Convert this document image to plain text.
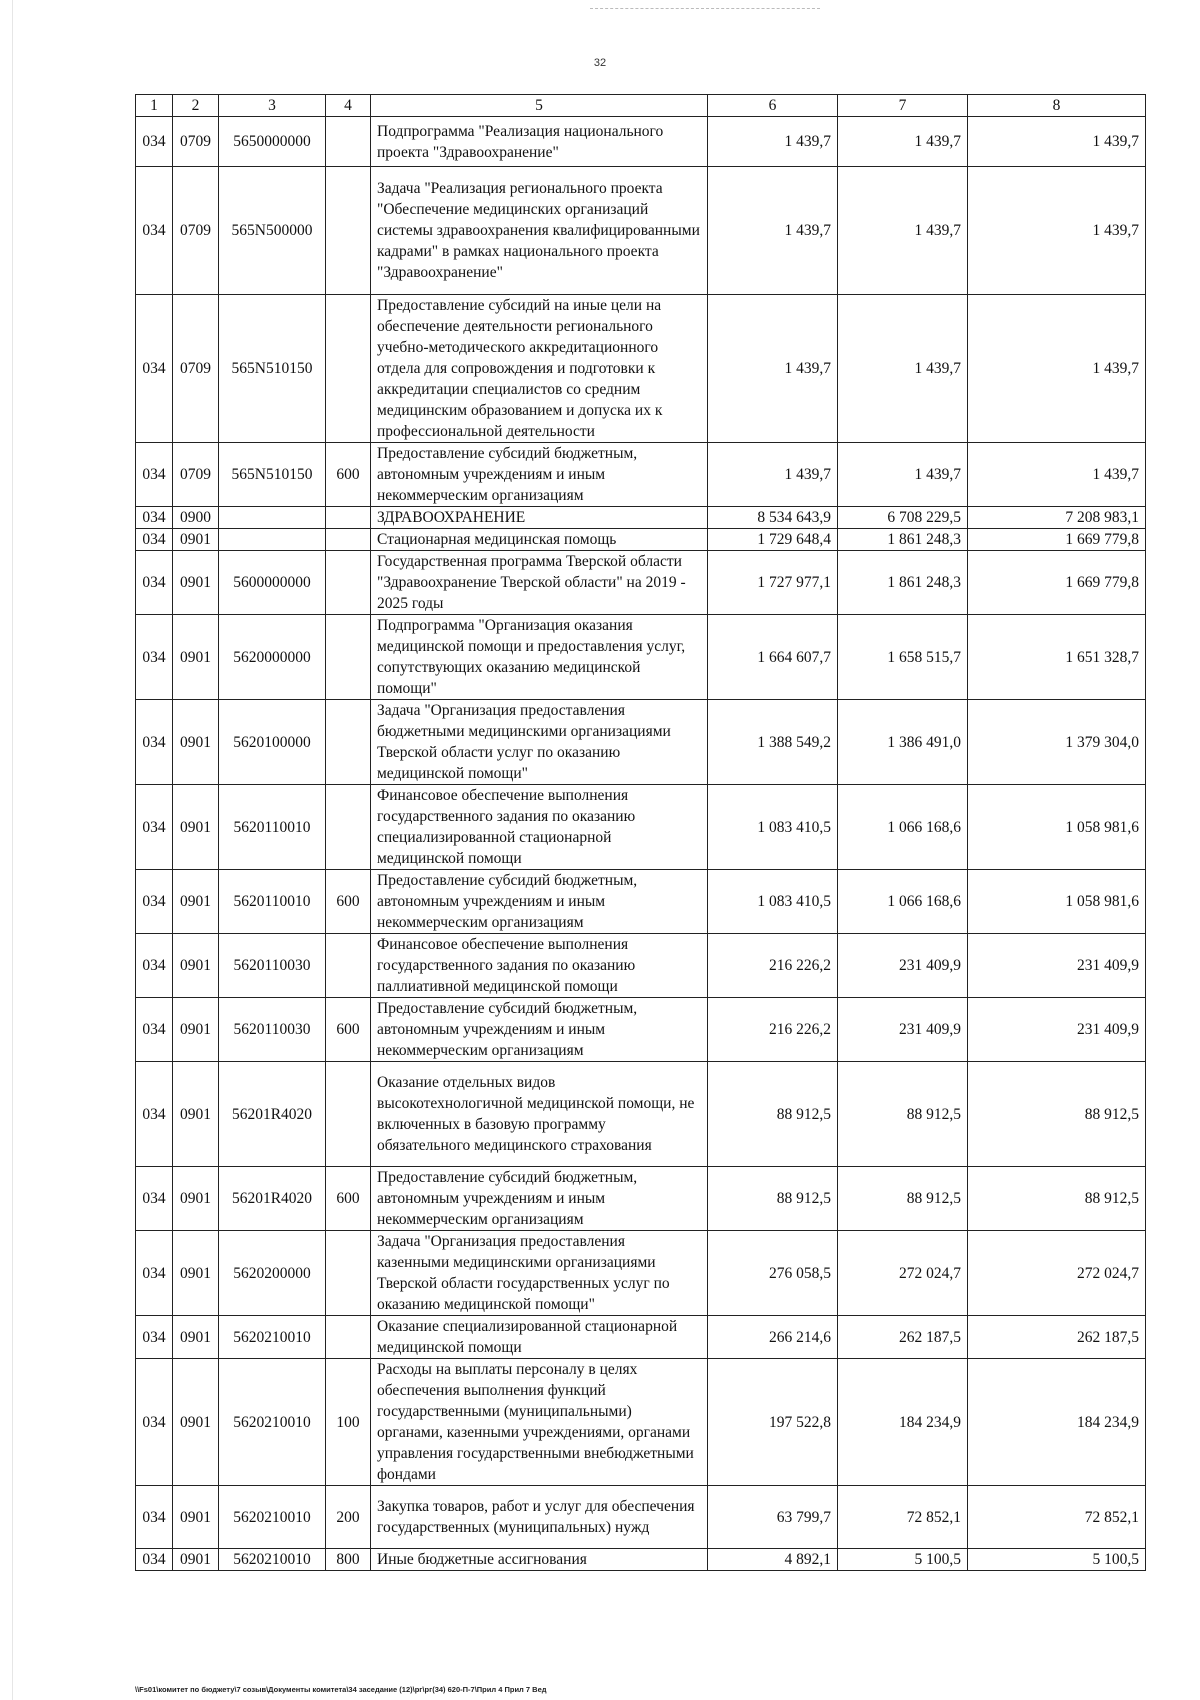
32
1	2	3	4	5	6	7	8
034	0709	5650000000		Подпрограмма "Реализация национального проекта "Здравоохранение"	1 439,7	1 439,7	1 439,7
034	0709	565N500000		Задача "Реализация регионального проекта "Обеспечение медицинских организаций системы здравоохранения квалифицированными кадрами" в рамках национального проекта "Здравоохранение"	1 439,7	1 439,7	1 439,7
034	0709	565N510150		Предоставление субсидий на иные цели на обеспечение деятельности регионального учебно-методического аккредитационного отдела для сопровождения и подготовки к аккредитации специалистов со средним медицинским образованием и допуска их к профессиональной деятельности	1 439,7	1 439,7	1 439,7
034	0709	565N510150	600	Предоставление субсидий бюджетным, автономным учреждениям и иным некоммерческим организациям	1 439,7	1 439,7	1 439,7
034	0900			ЗДРАВООХРАНЕНИЕ	8 534 643,9	6 708 229,5	7 208 983,1
034	0901			Стационарная медицинская помощь	1 729 648,4	1 861 248,3	1 669 779,8
034	0901	5600000000		Государственная программа Тверской области "Здравоохранение Тверской области" на 2019 - 2025 годы	1 727 977,1	1 861 248,3	1 669 779,8
034	0901	5620000000		Подпрограмма "Организация оказания медицинской помощи и предоставления услуг, сопутствующих оказанию медицинской помощи"	1 664 607,7	1 658 515,7	1 651 328,7
034	0901	5620100000		Задача "Организация предоставления бюджетными медицинскими организациями Тверской области услуг по оказанию медицинской помощи"	1 388 549,2	1 386 491,0	1 379 304,0
034	0901	5620110010		Финансовое обеспечение выполнения государственного задания по оказанию специализированной стационарной медицинской помощи	1 083 410,5	1 066 168,6	1 058 981,6
034	0901	5620110010	600	Предоставление субсидий бюджетным, автономным учреждениям и иным некоммерческим организациям	1 083 410,5	1 066 168,6	1 058 981,6
034	0901	5620110030		Финансовое обеспечение выполнения государственного задания по оказанию паллиативной медицинской помощи	216 226,2	231 409,9	231 409,9
034	0901	5620110030	600	Предоставление субсидий бюджетным, автономным учреждениям и иным некоммерческим организациям	216 226,2	231 409,9	231 409,9
034	0901	56201R4020		Оказание отдельных видов высокотехнологичной медицинской помощи, не включенных в базовую программу обязательного медицинского страхования	88 912,5	88 912,5	88 912,5
034	0901	56201R4020	600	Предоставление субсидий бюджетным, автономным учреждениям и иным некоммерческим организациям	88 912,5	88 912,5	88 912,5
034	0901	5620200000		Задача "Организация предоставления казенными медицинскими организациями Тверской области государственных услуг по оказанию медицинской помощи"	276 058,5	272 024,7	272 024,7
034	0901	5620210010		Оказание специализированной стационарной медицинской помощи	266 214,6	262 187,5	262 187,5
034	0901	5620210010	100	Расходы на выплаты персоналу в целях обеспечения выполнения функций государственными (муниципальными) органами, казенными учреждениями, органами управления государственными внебюджетными фондами	197 522,8	184 234,9	184 234,9
034	0901	5620210010	200	Закупка товаров, работ и услуг для обеспечения государственных (муниципальных) нужд	63 799,7	72 852,1	72 852,1
034	0901	5620210010	800	Иные бюджетные ассигнования	4 892,1	5 100,5	5 100,5
\\Fs01\комитет по бюджету\7 созыв\Документы комитета\34 заседание (12)\рг\рг(34) 620-П-7\Прил 4 Прил 7 Вед
